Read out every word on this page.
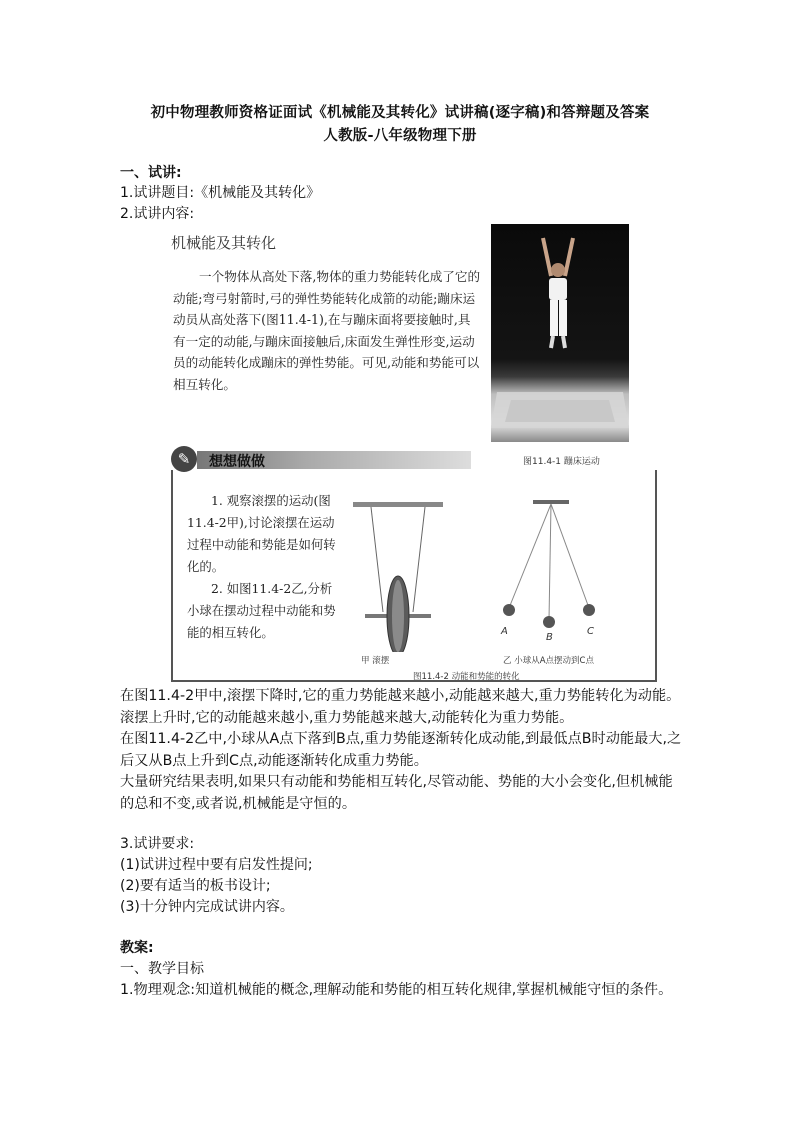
初中物理教师资格证面试《机械能及其转化》试讲稿(逐字稿)和答辩题及答案
人教版-八年级物理下册
一、试讲:
1.试讲题目:《机械能及其转化》
2.试讲内容:
机械能及其转化
一个物体从高处下落,物体的重力势能转化成了它的动能;弯弓射箭时,弓的弹性势能转化成箭的动能;蹦床运动员从高处落下(图11.4-1),在与蹦床面将要接触时,具有一定的动能,与蹦床面接触后,床面发生弹性形变,运动员的动能转化成蹦床的弹性势能。可见,动能和势能可以相互转化。
图11.4-1 蹦床运动
✎	想想做做

1. 观察滚摆的运动(图11.4-2甲),讨论滚摆在运动过程中动能和势能是如何转化的。

2. 如图11.4-2乙,分析小球在摆动过程中动能和势能的相互转化。

甲 滚摆
A
B
C
乙 小球从A点摆动到C点
图11.4-2 动能和势能的转化
在图11.4-2甲中,滚摆下降时,它的重力势能越来越小,动能越来越大,重力势能转化为动能。滚摆上升时,它的动能越来越小,重力势能越来越大,动能转化为重力势能。
在图11.4-2乙中,小球从A点下落到B点,重力势能逐渐转化成动能,到最低点B时动能最大,之后又从B点上升到C点,动能逐渐转化成重力势能。
大量研究结果表明,如果只有动能和势能相互转化,尽管动能、势能的大小会变化,但机械能的总和不变,或者说,机械能是守恒的。
3.试讲要求:
(1)试讲过程中要有启发性提问;
(2)要有适当的板书设计;
(3)十分钟内完成试讲内容。
教案:
一、教学目标
1.物理观念:知道机械能的概念,理解动能和势能的相互转化规律,掌握机械能守恒的条件。
